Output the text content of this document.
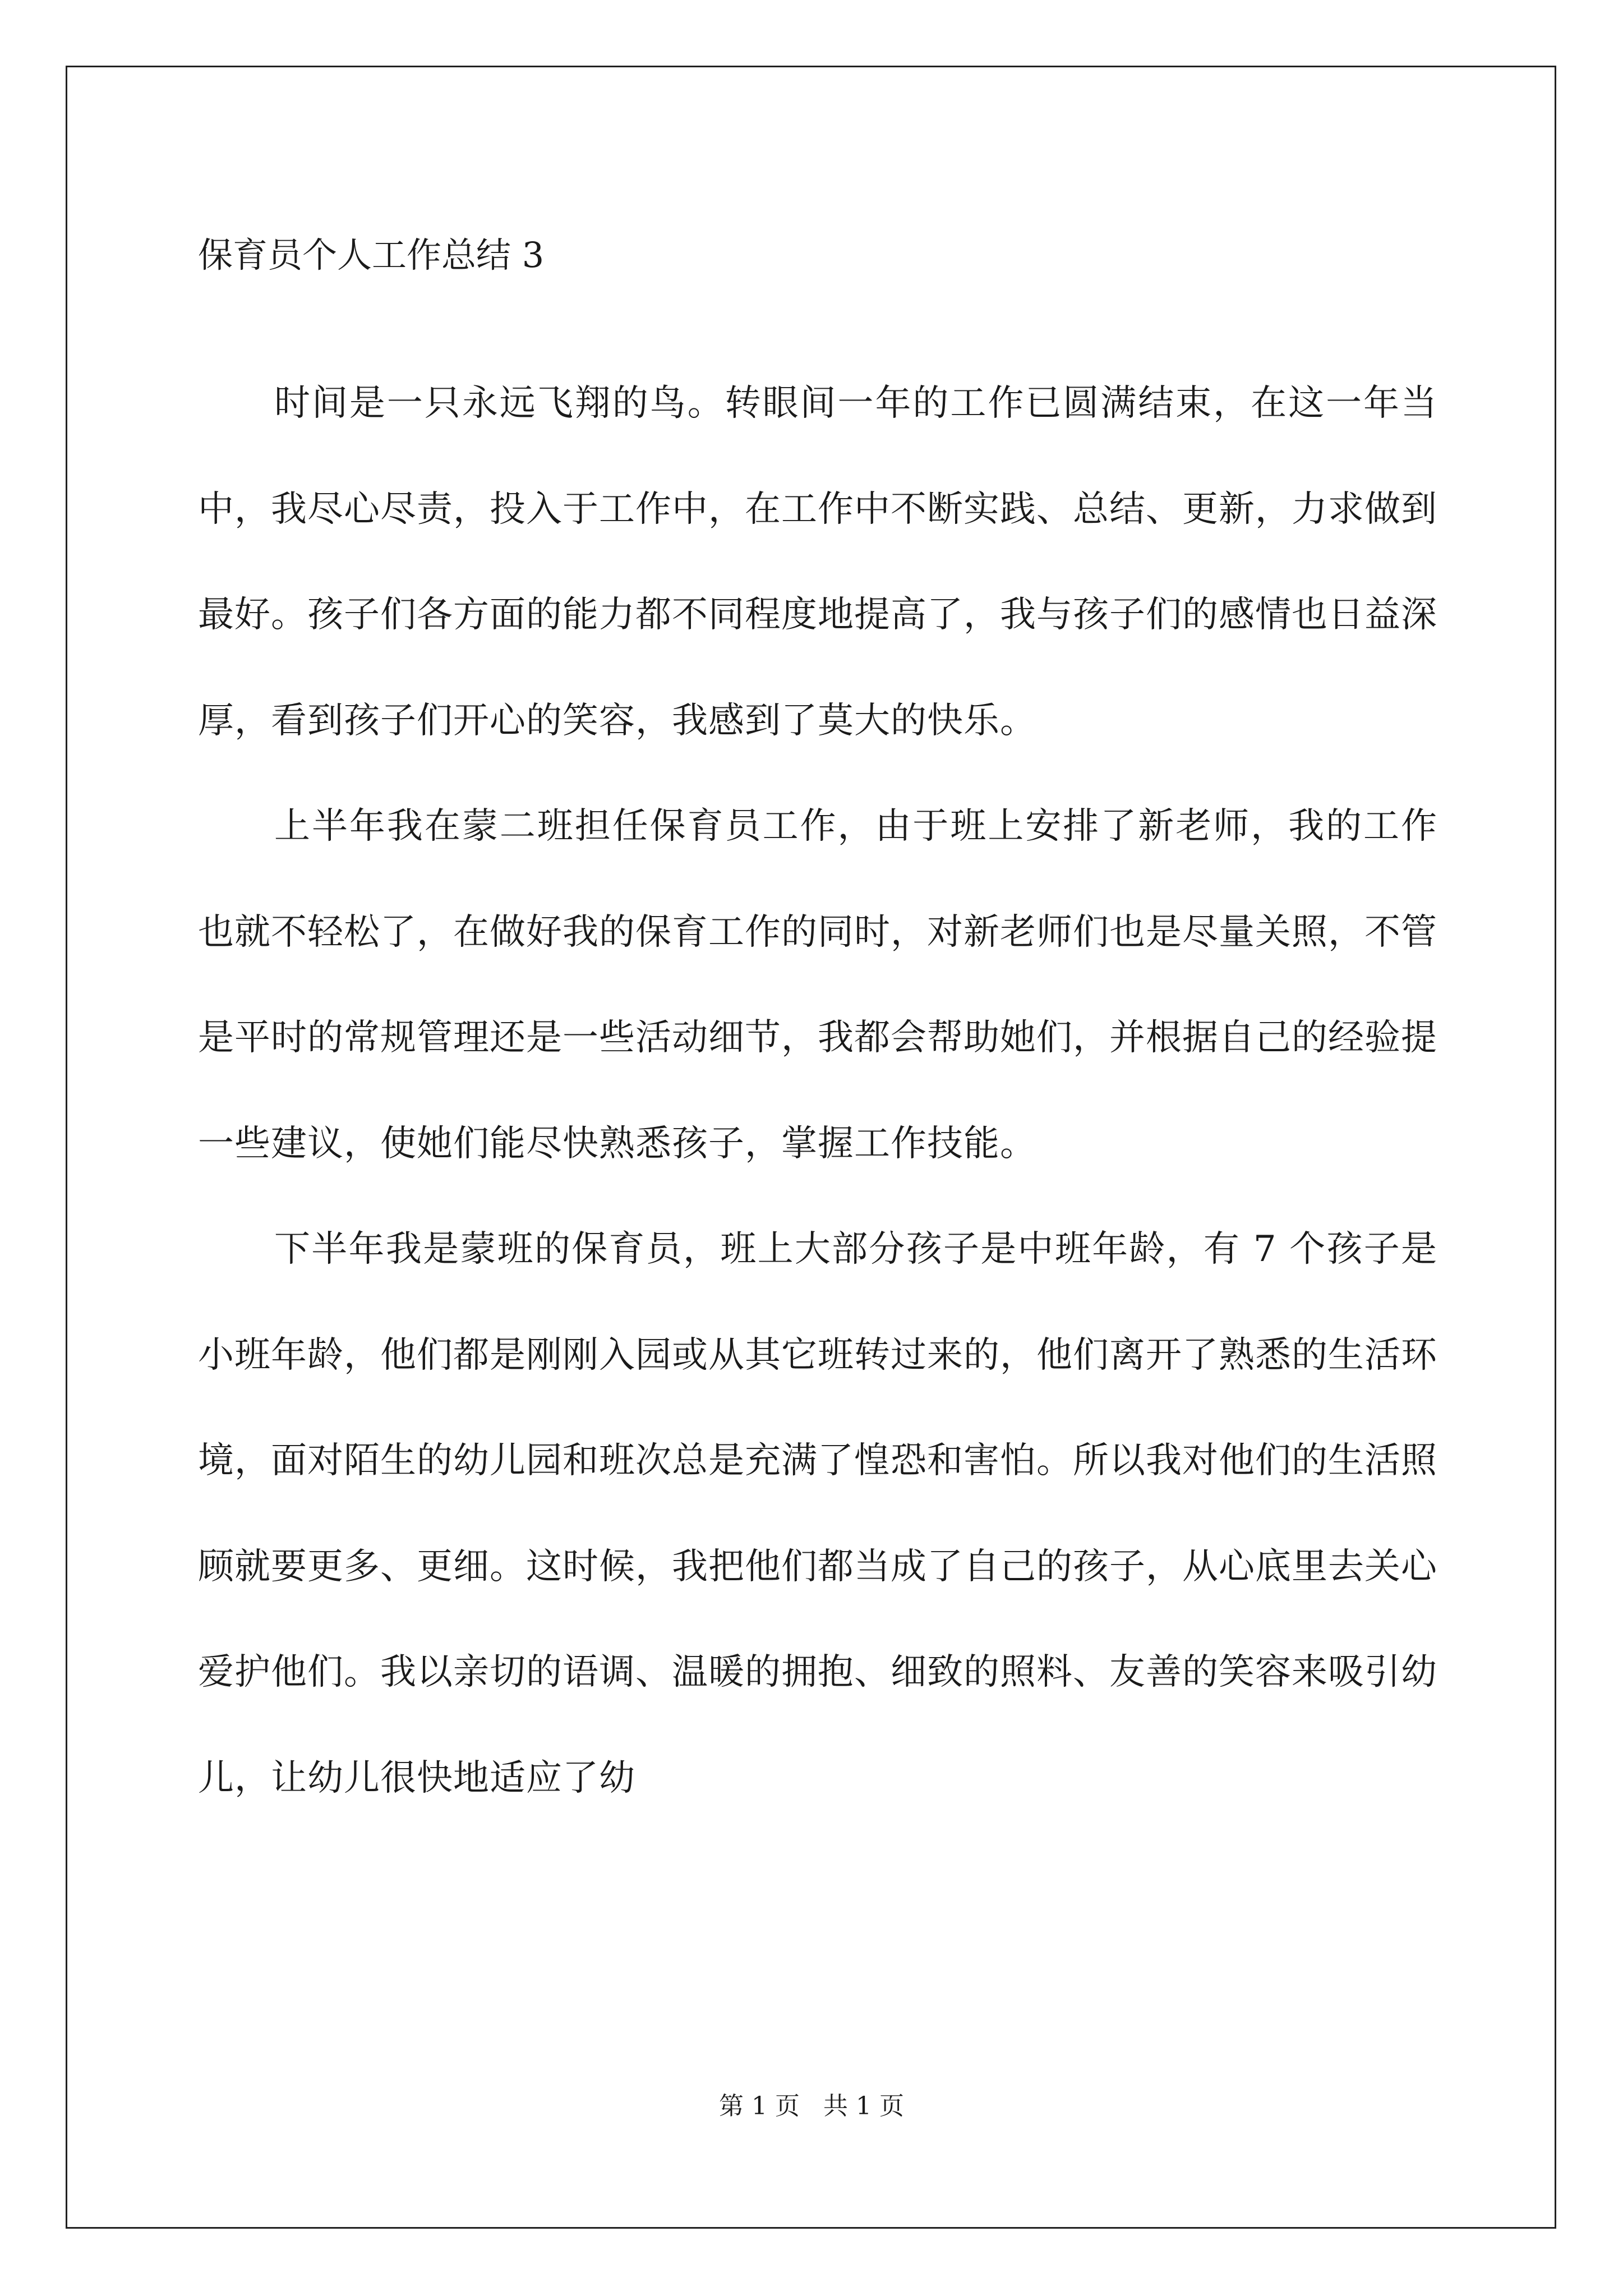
保育员个人工作总结 3

时间是一只永远飞翔的鸟。转眼间一年的工作已圆满结束，在这一年当中，我尽心尽责，投入于工作中，在工作中不断实践、总结、更新，力求做到最好。孩子们各方面的能力都不同程度地提高了，我与孩子们的感情也日益深厚，看到孩子们开心的笑容，我感到了莫大的快乐。

上半年我在蒙二班担任保育员工作，由于班上安排了新老师，我的工作也就不轻松了，在做好我的保育工作的同时，对新老师们也是尽量关照，不管是平时的常规管理还是一些活动细节，我都会帮助她们，并根据自己的经验提一些建议，使她们能尽快熟悉孩子，掌握工作技能。

下半年我是蒙班的保育员，班上大部分孩子是中班年龄，有 7 个孩子是小班年龄，他们都是刚刚入园或从其它班转过来的，他们离开了熟悉的生活环境，面对陌生的幼儿园和班次总是充满了惶恐和害怕。所以我对他们的生活照顾就要更多、更细。这时候，我把他们都当成了自己的孩子，从心底里去关心爱护他们。我以亲切的语调、温暖的拥抱、细致的照料、友善的笑容来吸引幼儿，让幼儿很快地适应了幼

第 1 页   共 1 页
